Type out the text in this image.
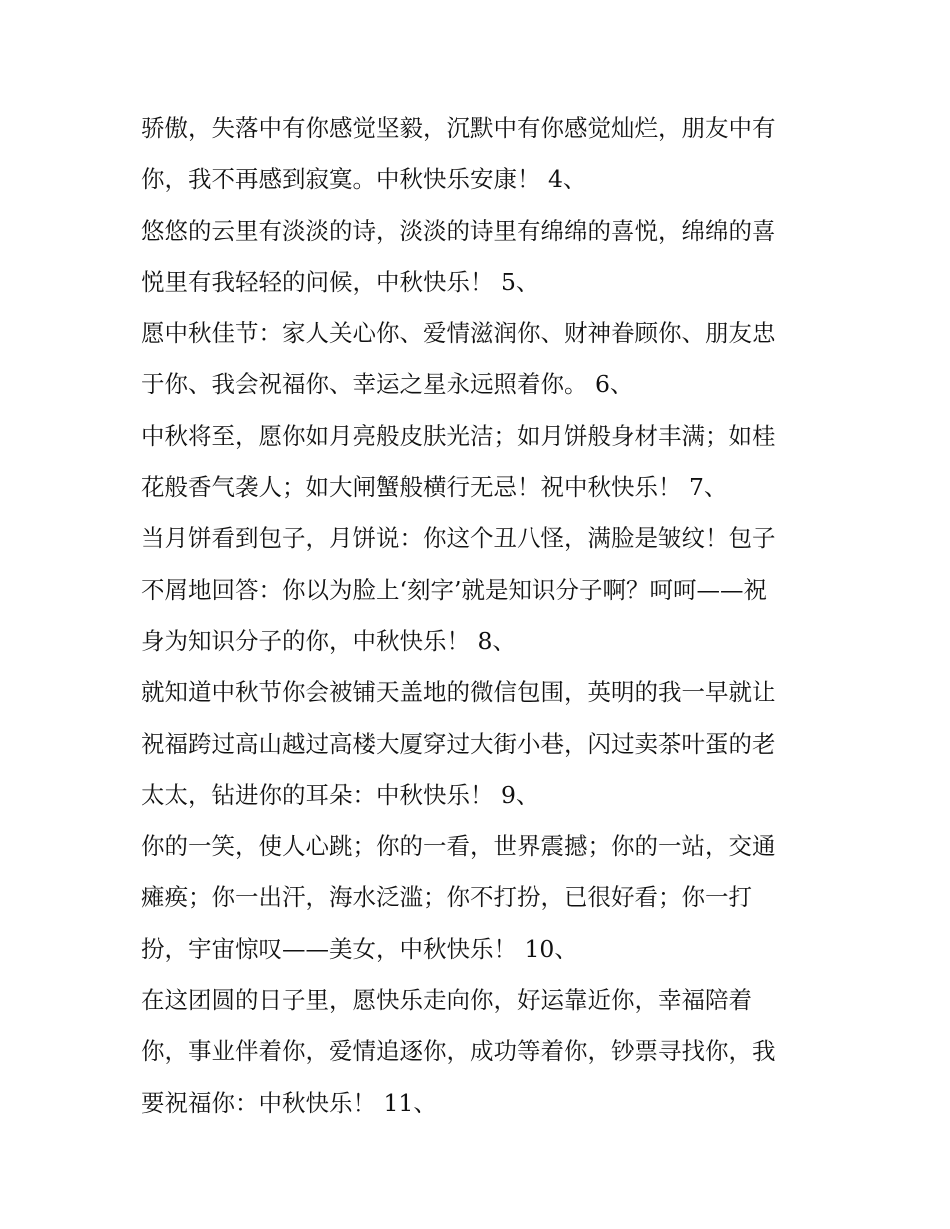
骄傲，失落中有你感觉坚毅，沉默中有你感觉灿烂，朋友中有
你，我不再感到寂寞。中秋快乐安康！ 4、
悠悠的云里有淡淡的诗，淡淡的诗里有绵绵的喜悦，绵绵的喜
悦里有我轻轻的问候，中秋快乐！ 5、
愿中秋佳节：家人关心你、爱情滋润你、财神眷顾你、朋友忠
于你、我会祝福你、幸运之星永远照着你。 6、
中秋将至，愿你如月亮般皮肤光洁；如月饼般身材丰满；如桂
花般香气袭人；如大闸蟹般横行无忌！祝中秋快乐！ 7、
当月饼看到包子，月饼说：你这个丑八怪，满脸是皱纹！包子
不屑地回答：你以为脸上‘刻字’就是知识分子啊？呵呵——祝
身为知识分子的你，中秋快乐！ 8、
就知道中秋节你会被铺天盖地的微信包围，英明的我一早就让
祝福跨过高山越过高楼大厦穿过大街小巷，闪过卖茶叶蛋的老
太太，钻进你的耳朵：中秋快乐！ 9、
你的一笑，使人心跳；你的一看，世界震撼；你的一站，交通
瘫痪；你一出汗，海水泛滥；你不打扮，已很好看；你一打
扮，宇宙惊叹——美女，中秋快乐！ 10、
在这团圆的日子里，愿快乐走向你，好运靠近你，幸福陪着
你，事业伴着你，爱情追逐你，成功等着你，钞票寻找你，我
要祝福你：中秋快乐！ 11、
